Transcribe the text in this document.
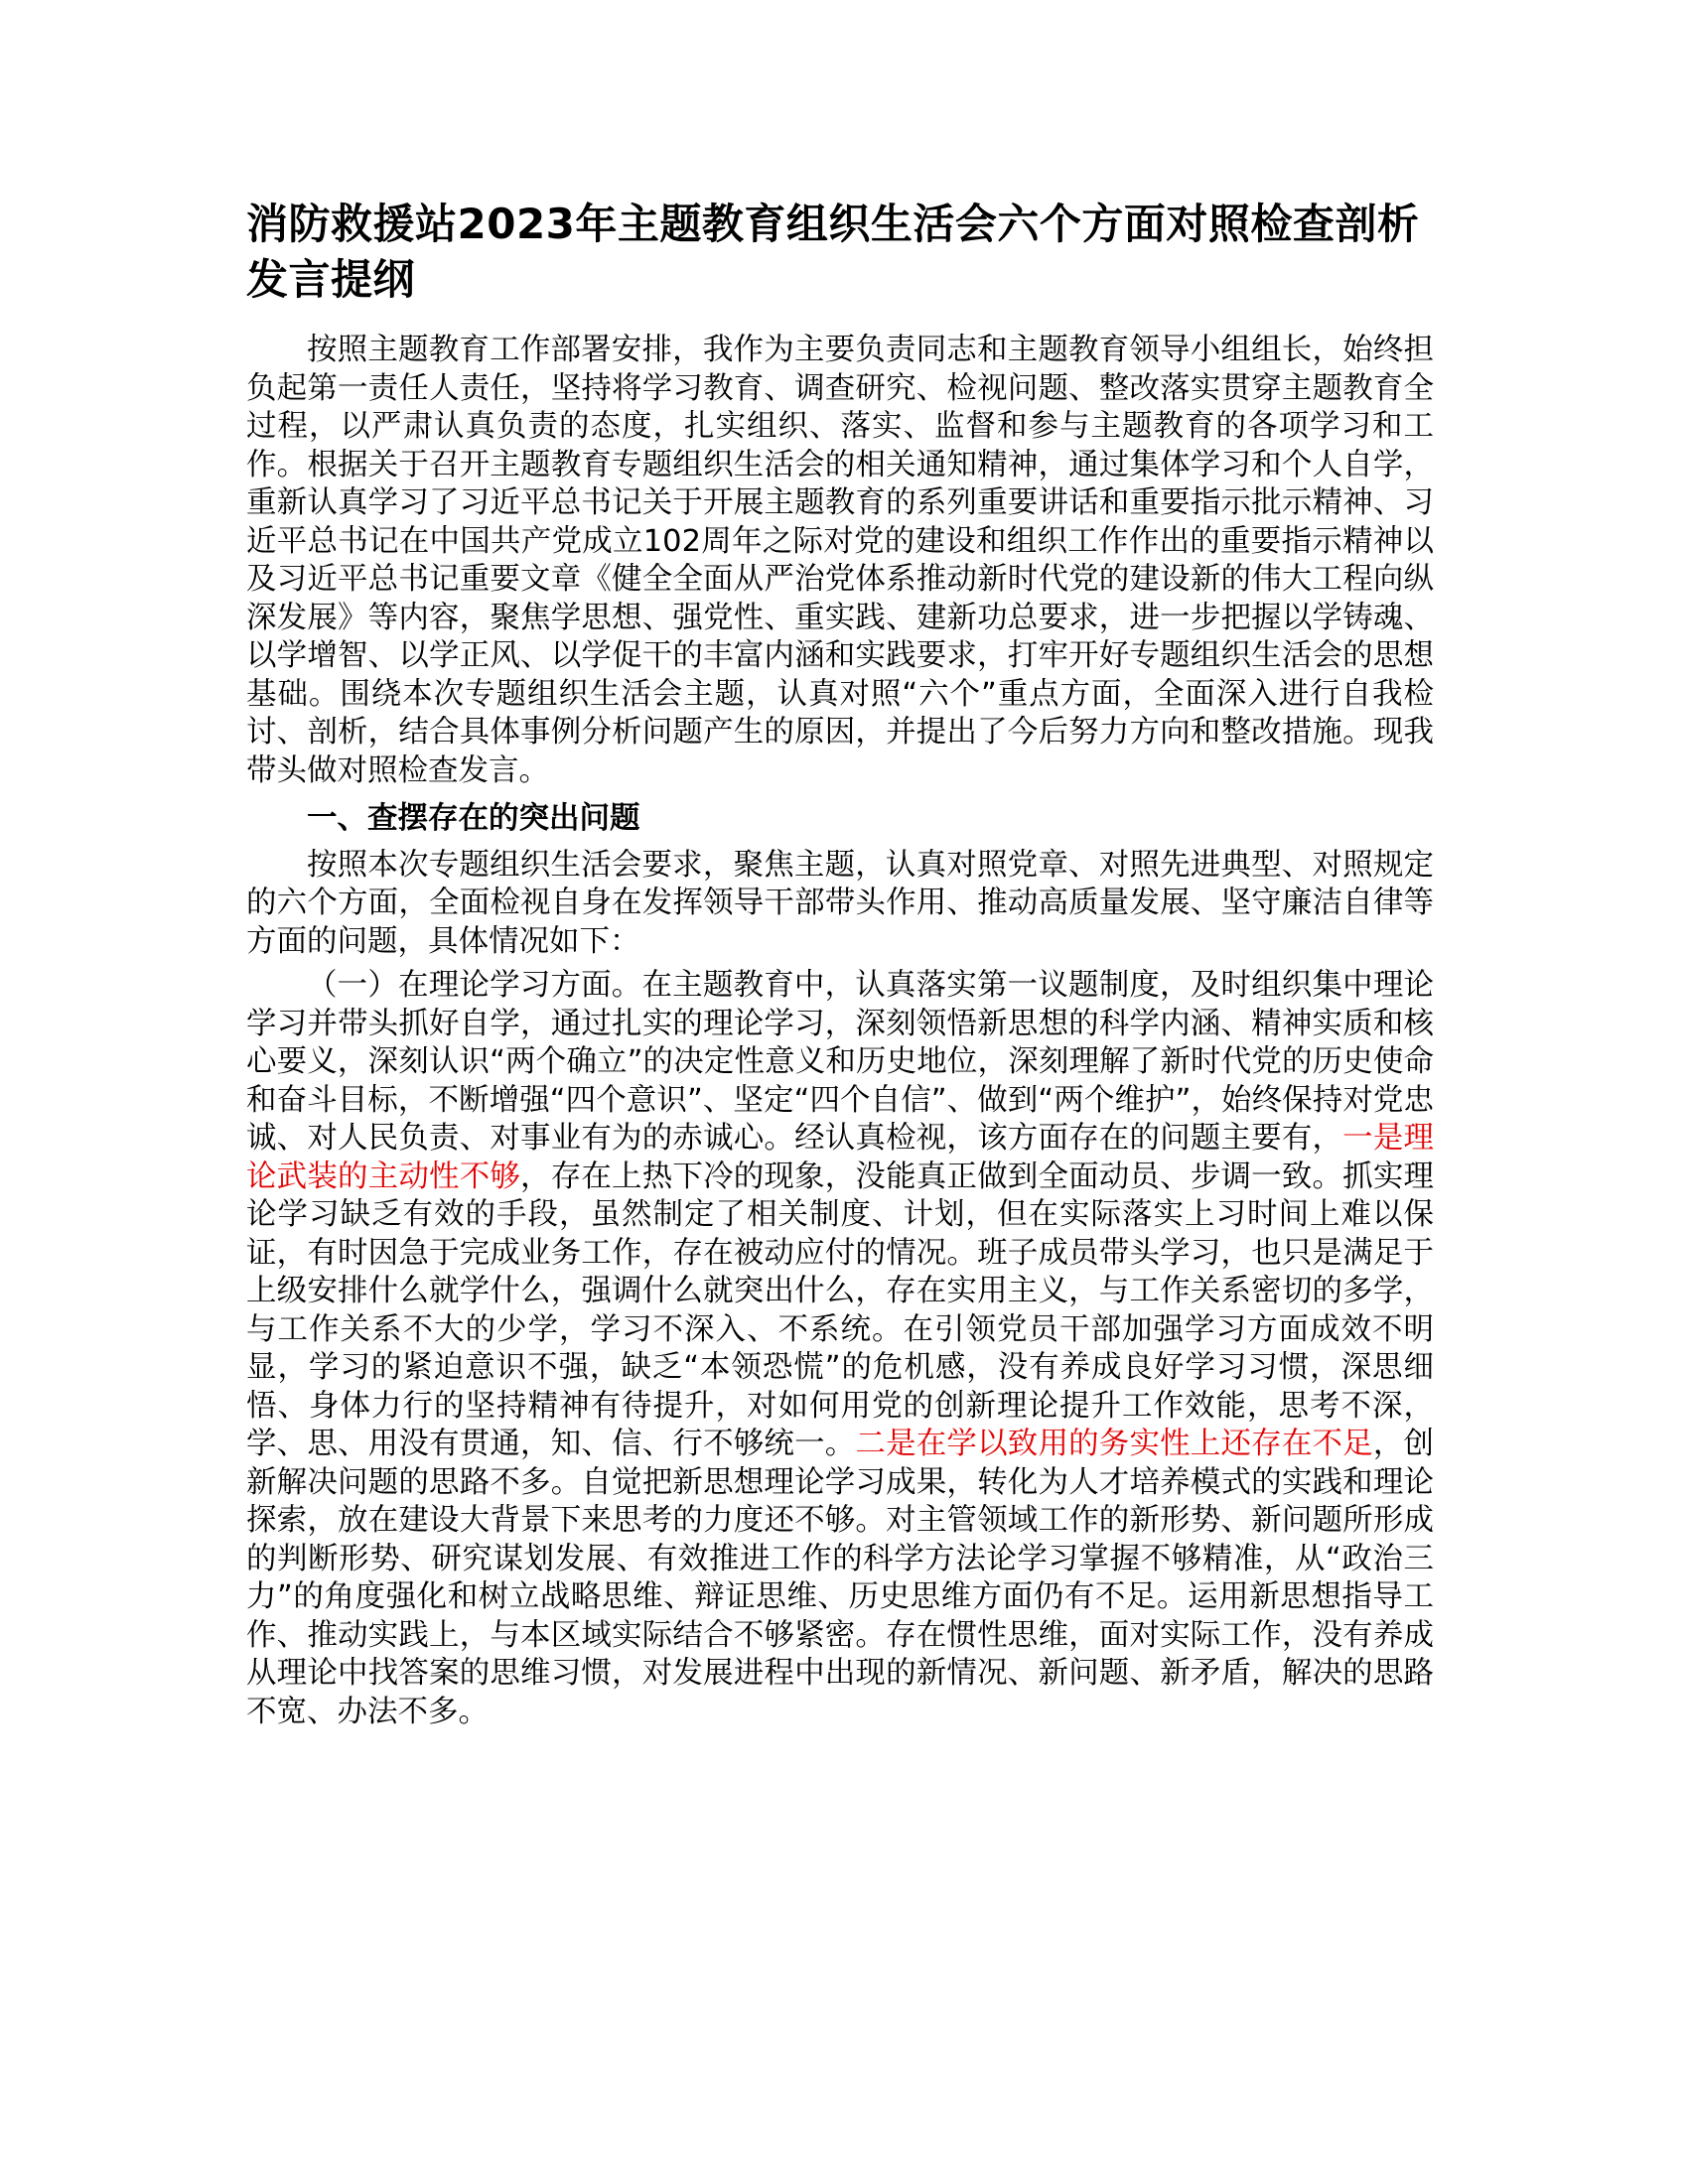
消防救援站2023年主题教育组织生活会六个方面对照检查剖析发言提纲

按照主题教育工作部署安排，我作为主要负责同志和主题教育领导小组组长，始终担负起第一责任人责任，坚持将学习教育、调查研究、检视问题、整改落实贯穿主题教育全过程，以严肃认真负责的态度，扎实组织、落实、监督和参与主题教育的各项学习和工作。根据关于召开主题教育专题组织生活会的相关通知精神，通过集体学习和个人自学，重新认真学习了习近平总书记关于开展主题教育的系列重要讲话和重要指示批示精神、习近平总书记在中国共产党成立102周年之际对党的建设和组织工作作出的重要指示精神以及习近平总书记重要文章《健全全面从严治党体系推动新时代党的建设新的伟大工程向纵深发展》等内容，聚焦学思想、强党性、重实践、建新功总要求，进一步把握以学铸魂、以学增智、以学正风、以学促干的丰富内涵和实践要求，打牢开好专题组织生活会的思想基础。围绕本次专题组织生活会主题，认真对照“六个”重点方面，全面深入进行自我检讨、剖析，结合具体事例分析问题产生的原因，并提出了今后努力方向和整改措施。现我带头做对照检查发言。

一、查摆存在的突出问题

按照本次专题组织生活会要求，聚焦主题，认真对照党章、对照先进典型、对照规定的六个方面，全面检视自身在发挥领导干部带头作用、推动高质量发展、坚守廉洁自律等方面的问题，具体情况如下：

（一）在理论学习方面。在主题教育中，认真落实第一议题制度，及时组织集中理论学习并带头抓好自学，通过扎实的理论学习，深刻领悟新思想的科学内涵、精神实质和核心要义，深刻认识“两个确立”的决定性意义和历史地位，深刻理解了新时代党的历史使命和奋斗目标，不断增强“四个意识”、坚定“四个自信”、做到“两个维护”，始终保持对党忠诚、对人民负责、对事业有为的赤诚心。经认真检视，该方面存在的问题主要有，一是理论武装的主动性不够，存在上热下冷的现象，没能真正做到全面动员、步调一致。抓实理论学习缺乏有效的手段，虽然制定了相关制度、计划，但在实际落实上习时间上难以保证，有时因急于完成业务工作，存在被动应付的情况。班子成员带头学习，也只是满足于上级安排什么就学什么，强调什么就突出什么，存在实用主义，与工作关系密切的多学，与工作关系不大的少学，学习不深入、不系统。在引领党员干部加强学习方面成效不明显，学习的紧迫意识不强，缺乏“本领恐慌”的危机感，没有养成良好学习习惯，深思细悟、身体力行的坚持精神有待提升，对如何用党的创新理论提升工作效能，思考不深，学、思、用没有贯通，知、信、行不够统一。二是在学以致用的务实性上还存在不足，创新解决问题的思路不多。自觉把新思想理论学习成果，转化为人才培养模式的实践和理论探索，放在建设大背景下来思考的力度还不够。对主管领域工作的新形势、新问题所形成的判断形势、研究谋划发展、有效推进工作的科学方法论学习掌握不够精准，从“政治三力”的角度强化和树立战略思维、辩证思维、历史思维方面仍有不足。运用新思想指导工作、推动实践上，与本区域实际结合不够紧密。存在惯性思维，面对实际工作，没有养成从理论中找答案的思维习惯，对发展进程中出现的新情况、新问题、新矛盾，解决的思路不宽、办法不多。
